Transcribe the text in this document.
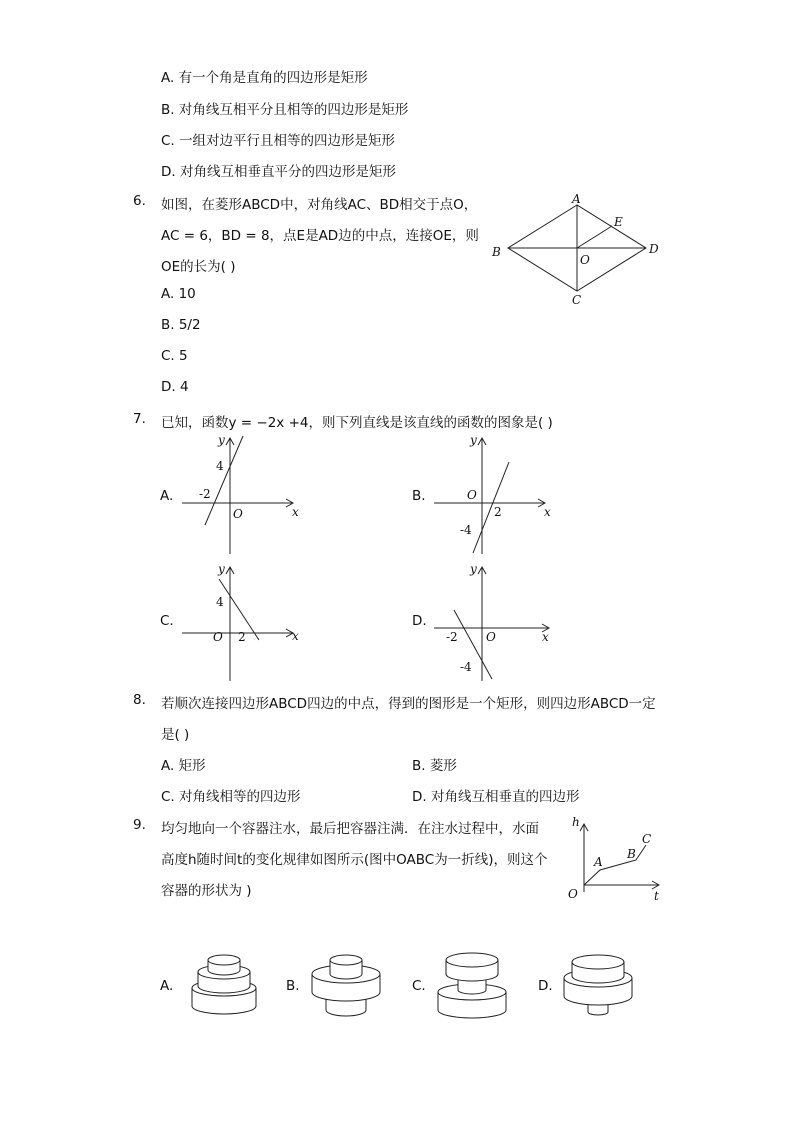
A. 有一个角是直角的四边形是矩形
B. 对角线互相平分且相等的四边形是矩形
C. 一组对边平行且相等的四边形是矩形
D. 对角线互相垂直平分的四边形是矩形
6. 如图，在菱形ABCD中，对角线AC、BD相交于点O，
AC = 6，BD = 8，点E是AD边的中点，连接OE，则
OE的长为( )
A. 10
B. 5/2
C. 5
D. 4
A
B
C
D
E
O
7. 已知，函数y = −2x +4，则下列直线是该直线的函数的图象是( )
A.
y
x
O
4
-2	B.
y
x
O
2
-4
C.
y
x
4
O 2
D.
y
x
-2 O
-4
8. 若顺次连接四边形ABCD四边的中点，得到的图形是一个矩形，则四边形ABCD一定
是( )
A. 矩形	B. 菱形
C. 对角线相等的四边形	D. 对角线互相垂直的四边形
9. 均匀地向一个容器注水，最后把容器注满．在注水过程中，水面
高度h随时间t的变化规律如图所示(图中OABC为一折线)，则这个
容器的形状为 )
h
t
O
A
B
C
A.	B.	C.	D.
